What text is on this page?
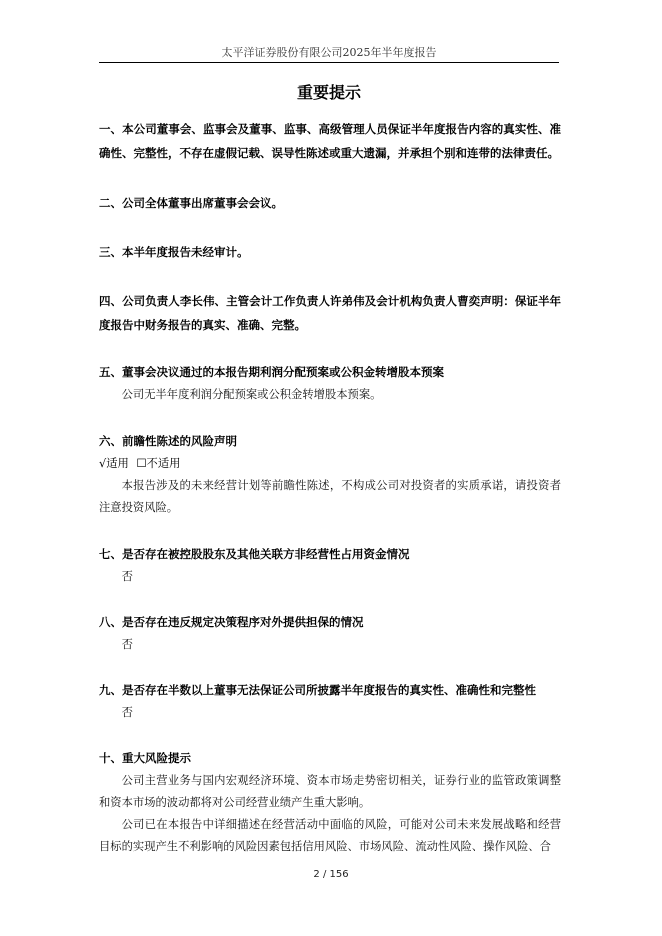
太平洋证券股份有限公司2025年半年度报告
重要提示

一、本公司董事会、监事会及董事、监事、高级管理人员保证半年度报告内容的真实性、准确性、完整性，不存在虚假记载、误导性陈述或重大遗漏，并承担个别和连带的法律责任。

二、公司全体董事出席董事会会议。

三、本半年度报告未经审计。

四、公司负责人李长伟、主管会计工作负责人许弟伟及会计机构负责人曹奕声明：保证半年度报告中财务报告的真实、准确、完整。

五、董事会决议通过的本报告期利润分配预案或公积金转增股本预案

公司无半年度利润分配预案或公积金转增股本预案。

六、前瞻性陈述的风险声明

√适用 ☐不适用

本报告涉及的未来经营计划等前瞻性陈述，不构成公司对投资者的实质承诺，请投资者注意投资风险。

七、是否存在被控股股东及其他关联方非经营性占用资金情况

否

八、是否存在违反规定决策程序对外提供担保的情况

否

九、是否存在半数以上董事无法保证公司所披露半年度报告的真实性、准确性和完整性

否

十、重大风险提示

公司主营业务与国内宏观经济环境、资本市场走势密切相关，证券行业的监管政策调整和资本市场的波动都将对公司经营业绩产生重大影响。

公司已在本报告中详细描述在经营活动中面临的风险，可能对公司未来发展战略和经营目标的实现产生不利影响的风险因素包括信用风险、市场风险、流动性风险、操作风险、合

2 / 156
